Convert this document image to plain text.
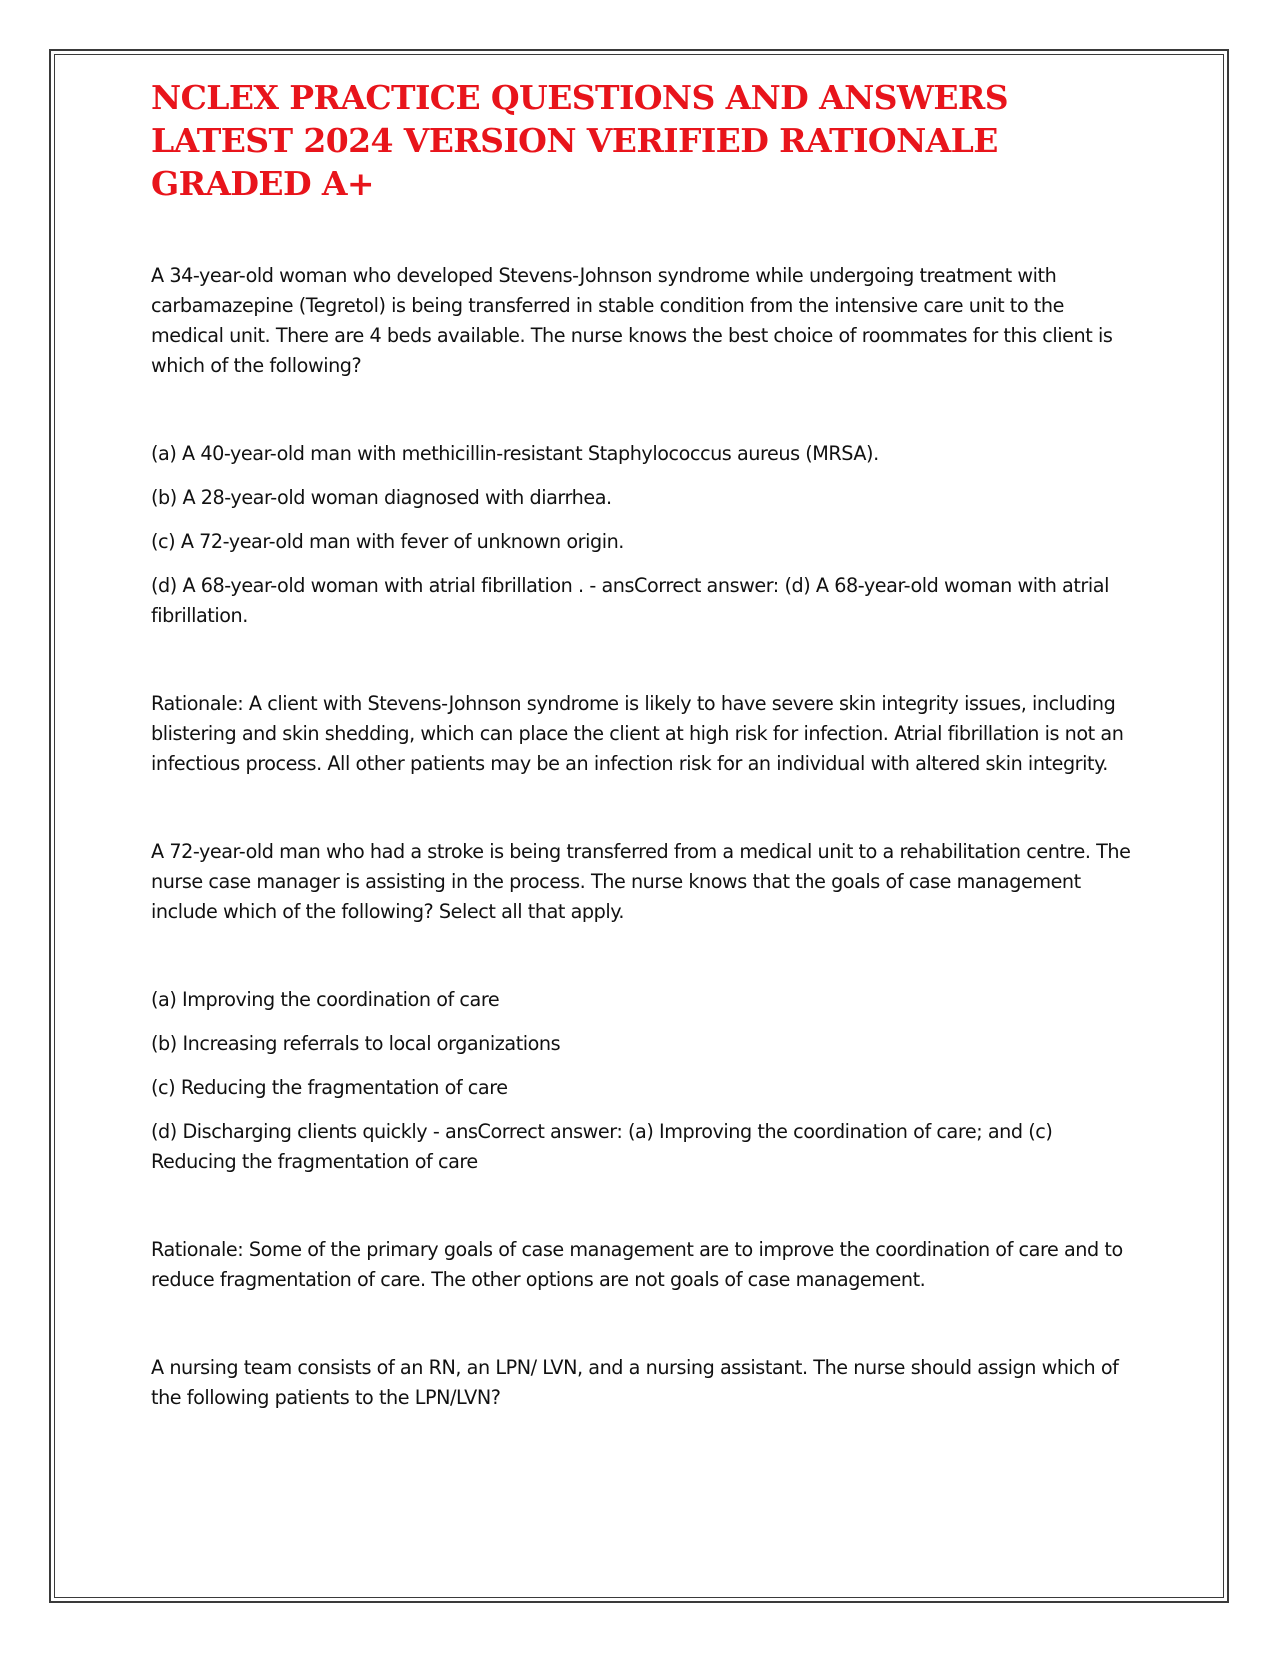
NCLEX PRACTICE QUESTIONS AND ANSWERS LATEST 2024 VERSION VERIFIED RATIONALE GRADED A+

A 34-year-old woman who developed Stevens-Johnson syndrome while undergoing treatment with carbamazepine (Tegretol) is being transferred in stable condition from the intensive care unit to the medical unit. There are 4 beds available. The nurse knows the best choice of roommates for this client is which of the following?

(a) A 40-year-old man with methicillin-resistant Staphylococcus aureus (MRSA).

(b) A 28-year-old woman diagnosed with diarrhea.

(c) A 72-year-old man with fever of unknown origin.

(d) A 68-year-old woman with atrial fibrillation . - ansCorrect answer: (d) A 68-year-old woman with atrial fibrillation.

Rationale: A client with Stevens-Johnson syndrome is likely to have severe skin integrity issues, including blistering and skin shedding, which can place the client at high risk for infection. Atrial fibrillation is not an infectious process. All other patients may be an infection risk for an individual with altered skin integrity.

A 72-year-old man who had a stroke is being transferred from a medical unit to a rehabilitation centre. The nurse case manager is assisting in the process. The nurse knows that the goals of case management include which of the following? Select all that apply.

(a) Improving the coordination of care

(b) Increasing referrals to local organizations

(c) Reducing the fragmentation of care

(d) Discharging clients quickly - ansCorrect answer: (a) Improving the coordination of care; and (c) Reducing the fragmentation of care

Rationale: Some of the primary goals of case management are to improve the coordination of care and to reduce fragmentation of care. The other options are not goals of case management.

A nursing team consists of an RN, an LPN/ LVN, and a nursing assistant. The nurse should assign which of the following patients to the LPN/LVN?
